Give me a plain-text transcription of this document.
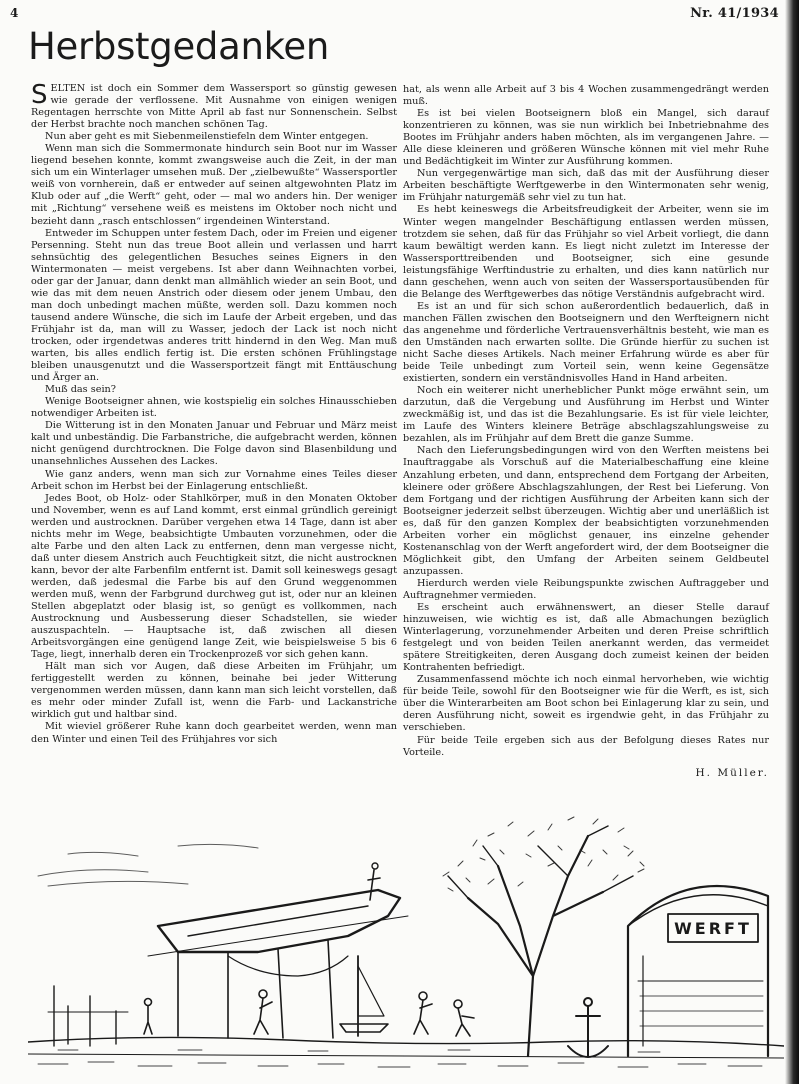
4	Nr. 41/1934
Herbstgedanken

SELTEN ist doch ein Sommer dem Wassersport so günstig gewesen wie gerade der verflossene. Mit Ausnahme von einigen wenigen Regentagen herrschte von Mitte April ab fast nur Sonnenschein. Selbst der Herbst brachte noch manchen schönen Tag.

Nun aber geht es mit Siebenmeilenstiefeln dem Winter entgegen.

Wenn man sich die Sommermonate hindurch sein Boot nur im Wasser liegend besehen konnte, kommt zwangsweise auch die Zeit, in der man sich um ein Winterlager umsehen muß. Der „zielbewußte“ Wassersportler weiß von vornherein, daß er entweder auf seinen altgewohnten Platz im Klub oder auf „die Werft“ geht, oder — mal wo anders hin. Der weniger mit „Richtung“ versehene weiß es meistens im Oktober noch nicht und bezieht dann „rasch entschlossen“ irgendeinen Winterstand.

Entweder im Schuppen unter festem Dach, oder im Freien und eigener Persenning. Steht nun das treue Boot allein und verlassen und harrt sehnsüchtig des gelegentlichen Besuches seines Eigners in den Wintermonaten — meist vergebens. Ist aber dann Weihnachten vorbei, oder gar der Januar, dann denkt man allmählich wieder an sein Boot, und wie das mit dem neuen Anstrich oder diesem oder jenem Umbau, den man doch unbedingt machen müßte, werden soll. Dazu kommen noch tausend andere Wünsche, die sich im Laufe der Arbeit ergeben, und das Frühjahr ist da, man will zu Wasser, jedoch der Lack ist noch nicht trocken, oder irgendetwas anderes tritt hindernd in den Weg. Man muß warten, bis alles endlich fertig ist. Die ersten schönen Frühlingstage bleiben unausgenutzt und die Wassersportzeit fängt mit Enttäuschung und Ärger an.

Muß das sein?

Wenige Bootseigner ahnen, wie kostspielig ein solches Hinausschieben notwendiger Arbeiten ist.

Die Witterung ist in den Monaten Januar und Februar und März meist kalt und unbeständig. Die Farbanstriche, die aufgebracht werden, können nicht genügend durchtrocknen. Die Folge davon sind Blasenbildung und unansehnliches Aussehen des Lackes.

Wie ganz anders, wenn man sich zur Vornahme eines Teiles dieser Arbeit schon im Herbst bei der Einlagerung entschließt.

Jedes Boot, ob Holz- oder Stahlkörper, muß in den Monaten Oktober und November, wenn es auf Land kommt, erst einmal gründlich gereinigt werden und austrocknen. Darüber vergehen etwa 14 Tage, dann ist aber nichts mehr im Wege, beabsichtigte Umbauten vorzunehmen, oder die alte Farbe und den alten Lack zu entfernen, denn man vergesse nicht, daß unter diesem Anstrich auch Feuchtigkeit sitzt, die nicht austrocknen kann, bevor der alte Farbenfilm entfernt ist. Damit soll keineswegs gesagt werden, daß jedesmal die Farbe bis auf den Grund weggenommen werden muß, wenn der Farbgrund durchweg gut ist, oder nur an kleinen Stellen abgeplatzt oder blasig ist, so genügt es vollkommen, nach Austrocknung und Ausbesserung dieser Schadstellen, sie wieder auszuspachteln. — Hauptsache ist, daß zwischen all diesen Arbeitsvorgängen eine genügend lange Zeit, wie beispielsweise 5 bis 6 Tage, liegt, innerhalb deren ein Trockenprozeß vor sich gehen kann.

Hält man sich vor Augen, daß diese Arbeiten im Frühjahr, um fertiggestellt werden zu können, beinahe bei jeder Witterung vergenommen werden müssen, dann kann man sich leicht vorstellen, daß es mehr oder minder Zufall ist, wenn die Farb- und Lackanstriche wirklich gut und haltbar sind.

Mit wieviel größerer Ruhe kann doch gearbeitet werden, wenn man den Winter und einen Teil des Frühjahres vor sich

hat, als wenn alle Arbeit auf 3 bis 4 Wochen zusammengedrängt werden muß.

Es ist bei vielen Bootseignern bloß ein Mangel, sich darauf konzentrieren zu können, was sie nun wirklich bei Inbetriebnahme des Bootes im Frühjahr anders haben möchten, als im vergangenen Jahre. — Alle diese kleineren und größeren Wünsche können mit viel mehr Ruhe und Bedächtigkeit im Winter zur Ausführung kommen.

Nun vergegenwärtige man sich, daß das mit der Ausführung dieser Arbeiten beschäftigte Werftgewerbe in den Wintermonaten sehr wenig, im Frühjahr naturgemäß sehr viel zu tun hat.

Es hebt keineswegs die Arbeitsfreudigkeit der Arbeiter, wenn sie im Winter wegen mangelnder Beschäftigung entlassen werden müssen, trotzdem sie sehen, daß für das Frühjahr so viel Arbeit vorliegt, die dann kaum bewältigt werden kann. Es liegt nicht zuletzt im Interesse der Wassersporttreibenden und Bootseigner, sich eine gesunde leistungsfähige Werftindustrie zu erhalten, und dies kann natürlich nur dann geschehen, wenn auch von seiten der Wassersportausübenden für die Belange des Werftgewerbes das nötige Verständnis aufgebracht wird.

Es ist an und für sich schon außerordentlich bedauerlich, daß in manchen Fällen zwischen den Bootseignern und den Werfteignern nicht das angenehme und förderliche Vertrauensverhältnis besteht, wie man es den Umständen nach erwarten sollte. Die Gründe hierfür zu suchen ist nicht Sache dieses Artikels. Nach meiner Erfahrung würde es aber für beide Teile unbedingt zum Vorteil sein, wenn keine Gegensätze existierten, sondern ein verständnisvolles Hand in Hand arbeiten.

Noch ein weiterer nicht unerheblicher Punkt möge erwähnt sein, um darzutun, daß die Vergebung und Ausführung im Herbst und Winter zweckmäßig ist, und das ist die Bezahlungsarie. Es ist für viele leichter, im Laufe des Winters kleinere Beträge abschlagszahlungsweise zu bezahlen, als im Frühjahr auf dem Brett die ganze Summe.

Nach den Lieferungsbedingungen wird von den Werften meistens bei Inauftraggabe als Vorschuß auf die Materialbeschaffung eine kleine Anzahlung erbeten, und dann, entsprechend dem Fortgang der Arbeiten, kleinere oder größere Abschlagszahlungen, der Rest bei Lieferung. Von dem Fortgang und der richtigen Ausführung der Arbeiten kann sich der Bootseigner jederzeit selbst überzeugen. Wichtig aber und unerläßlich ist es, daß für den ganzen Komplex der beabsichtigten vorzunehmenden Arbeiten vorher ein möglichst genauer, ins einzelne gehender Kostenanschlag von der Werft angefordert wird, der dem Bootseigner die Möglichkeit gibt, den Umfang der Arbeiten seinem Geldbeutel anzupassen.

Hierdurch werden viele Reibungspunkte zwischen Auftraggeber und Auftragnehmer vermieden.

Es erscheint auch erwähnenswert, an dieser Stelle darauf hinzuweisen, wie wichtig es ist, daß alle Abmachungen bezüglich Winterlagerung, vorzunehmender Arbeiten und deren Preise schriftlich festgelegt und von beiden Teilen anerkannt werden, das vermeidet spätere Streitigkeiten, deren Ausgang doch zumeist keinen der beiden Kontrahenten befriedigt.

Zusammenfassend möchte ich noch einmal hervorheben, wie wichtig für beide Teile, sowohl für den Bootseigner wie für die Werft, es ist, sich über die Winterarbeiten am Boot schon bei Einlagerung klar zu sein, und deren Ausführung nicht, soweit es irgendwie geht, in das Frühjahr zu verschieben.

Für beide Teile ergeben sich aus der Befolgung dieses Rates nur Vorteile.

H. Müller.

WERFT
